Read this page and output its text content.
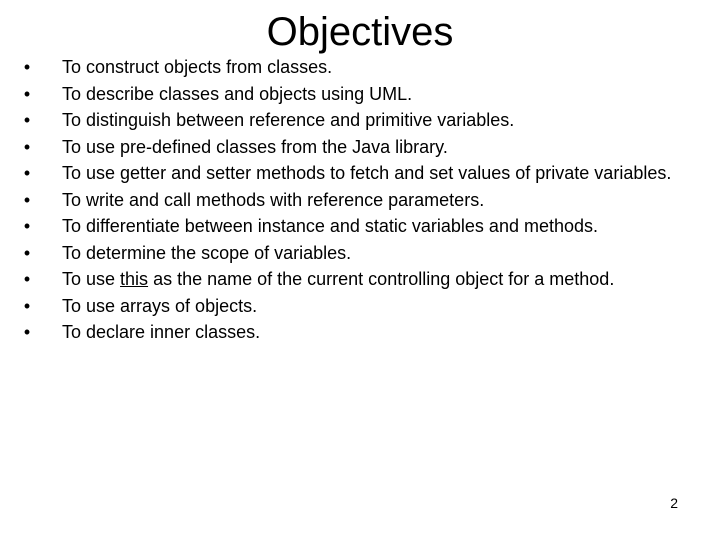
Objectives
• To construct objects from classes.
• To describe classes and objects using UML.
• To distinguish between reference and primitive variables.
• To use pre-defined classes from the Java library.
• To use getter and setter methods to fetch and set values of private variables.
• To write and call methods with reference parameters.
• To differentiate between instance and static variables and methods.
• To determine the scope of variables.
• To use this as the name of the current controlling object for a method.
• To use arrays of objects.
• To declare inner classes.
2
